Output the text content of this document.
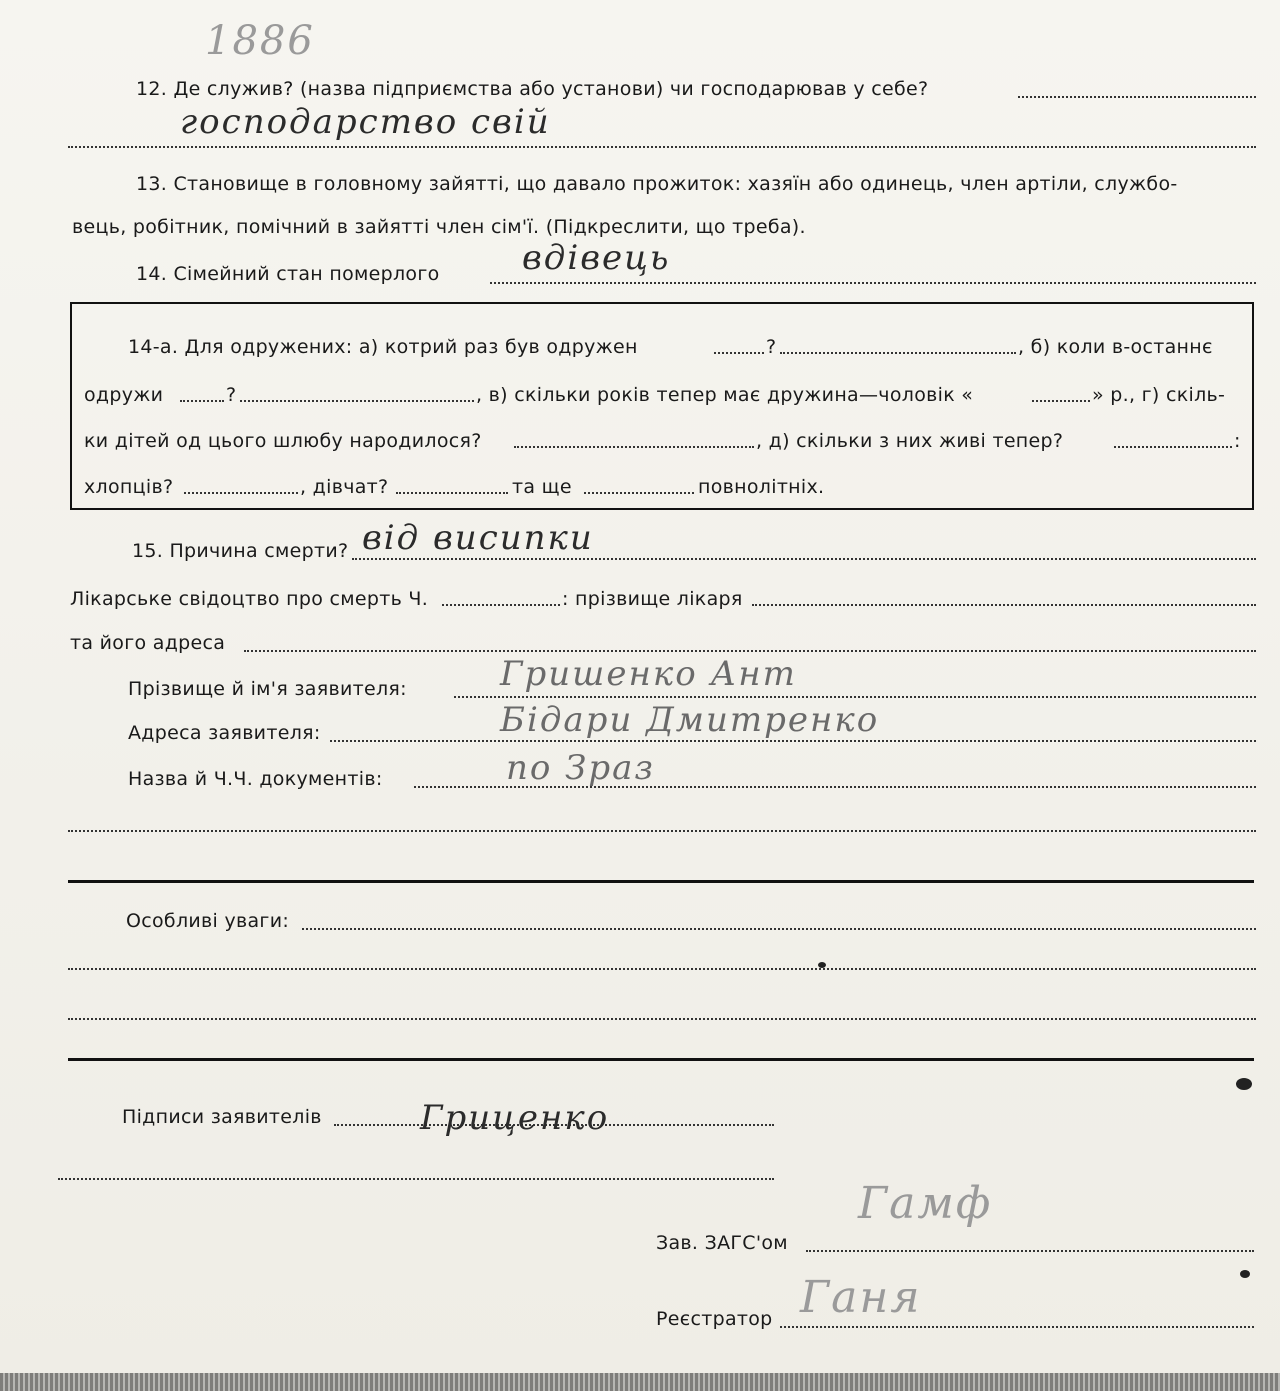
1886
12. Де служив? (назва підприємства або установи) чи господарював у себе?
господарство свій
13. Становище в головному зайятті, що давало прожиток: хазяїн або одинець, член артіли, службо-
вець, робітник, помічний в зайятті член сім'ї. (Підкреслити, що треба).
14. Сімейний стан померлого вдівець
14-а. Для одружених: а) котрий раз був одружен	?	, б) коли в-останнє
одружи	?	, в) скільки років тепер має дружина—чоловік «	» р., г) скіль-
ки дітей од цього шлюбу народилося?	, д) скільки з них живі тепер?	:
хлопців?	, дівчат?	та ще	повнолітніх.
15. Причина смерти? від висипки
Лікарське свідоцтво про смерть Ч.	: прізвище лікаря
та його адреса
Прізвище й ім'я заявителя:	Гришенко Ант
Адреса заявителя:	Бідари Дмитренко
Назва й Ч.Ч. документів:	по Зраз
Особливі уваги:
Підписи заявителів	Гриценко
Зав. ЗАГС'ом
Гамф
Реєстратор Ганя
